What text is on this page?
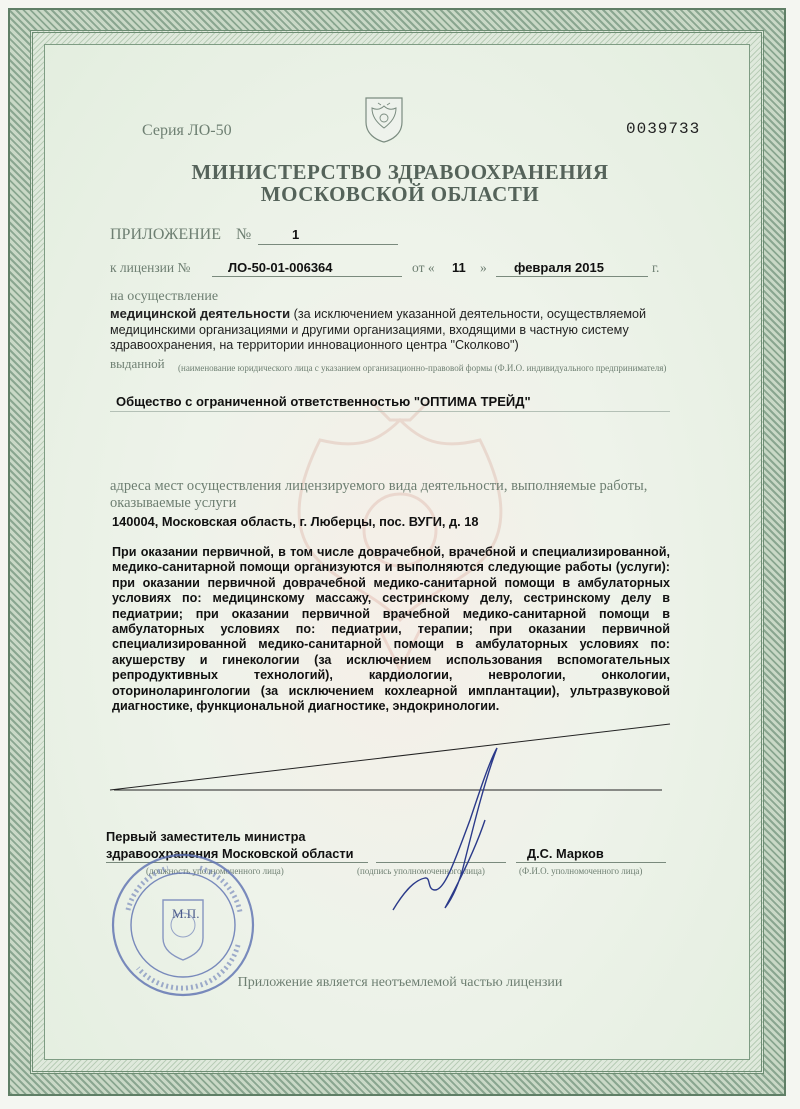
Серия ЛО-50	0039733
МИНИСТЕРСТВО ЗДРАВООХРАНЕНИЯ
МОСКОВСКОЙ ОБЛАСТИ
ПРИЛОЖЕНИЕ №	1
к лицензии №	ЛО-50-01-006364	от « 11 » февраля 2015	г.
на осуществление
медицинской деятельности (за исключением указанной деятельности, осуществляемой медицинскими организациями и другими организациями, входящими в частную систему здравоохранения, на территории инновационного центра "Сколково")
выданной	(наименование юридического лица с указанием организационно-правовой формы (Ф.И.О. индивидуального предпринимателя)
Общество с ограниченной ответственностью "ОПТИМА ТРЕЙД"
адреса мест осуществления лицензируемого вида деятельности, выполняемые работы, оказываемые услуги
140004, Московская область, г. Люберцы, пос. ВУГИ, д. 18
При оказании первичной, в том числе доврачебной, врачебной и специализированной, медико-санитарной помощи организуются и выполняются следующие работы (услуги): при оказании первичной доврачебной медико-санитарной помощи в амбулаторных условиях по: медицинскому массажу, сестринскому делу, сестринскому делу в педиатрии; при оказании первичной врачебной медико-санитарной помощи в амбулаторных условиях по: педиатрии, терапии; при оказании первичной специализированной медико-санитарной помощи в амбулаторных условиях по: акушерству и гинекологии (за исключением использования вспомогательных репродуктивных технологий), кардиологии, неврологии, онкологии, оториноларингологии (за исключением кохлеарной имплантации), ультразвуковой диагностике, функциональной диагностике, эндокринологии.
Первый заместитель министра
здравоохранения Московской области	Д.С. Марков
(должность уполномоченного лица)	(подпись уполномоченного лица)	(Ф.И.О. уполномоченного лица)
М.П.
Приложение является неотъемлемой частью лицензии
